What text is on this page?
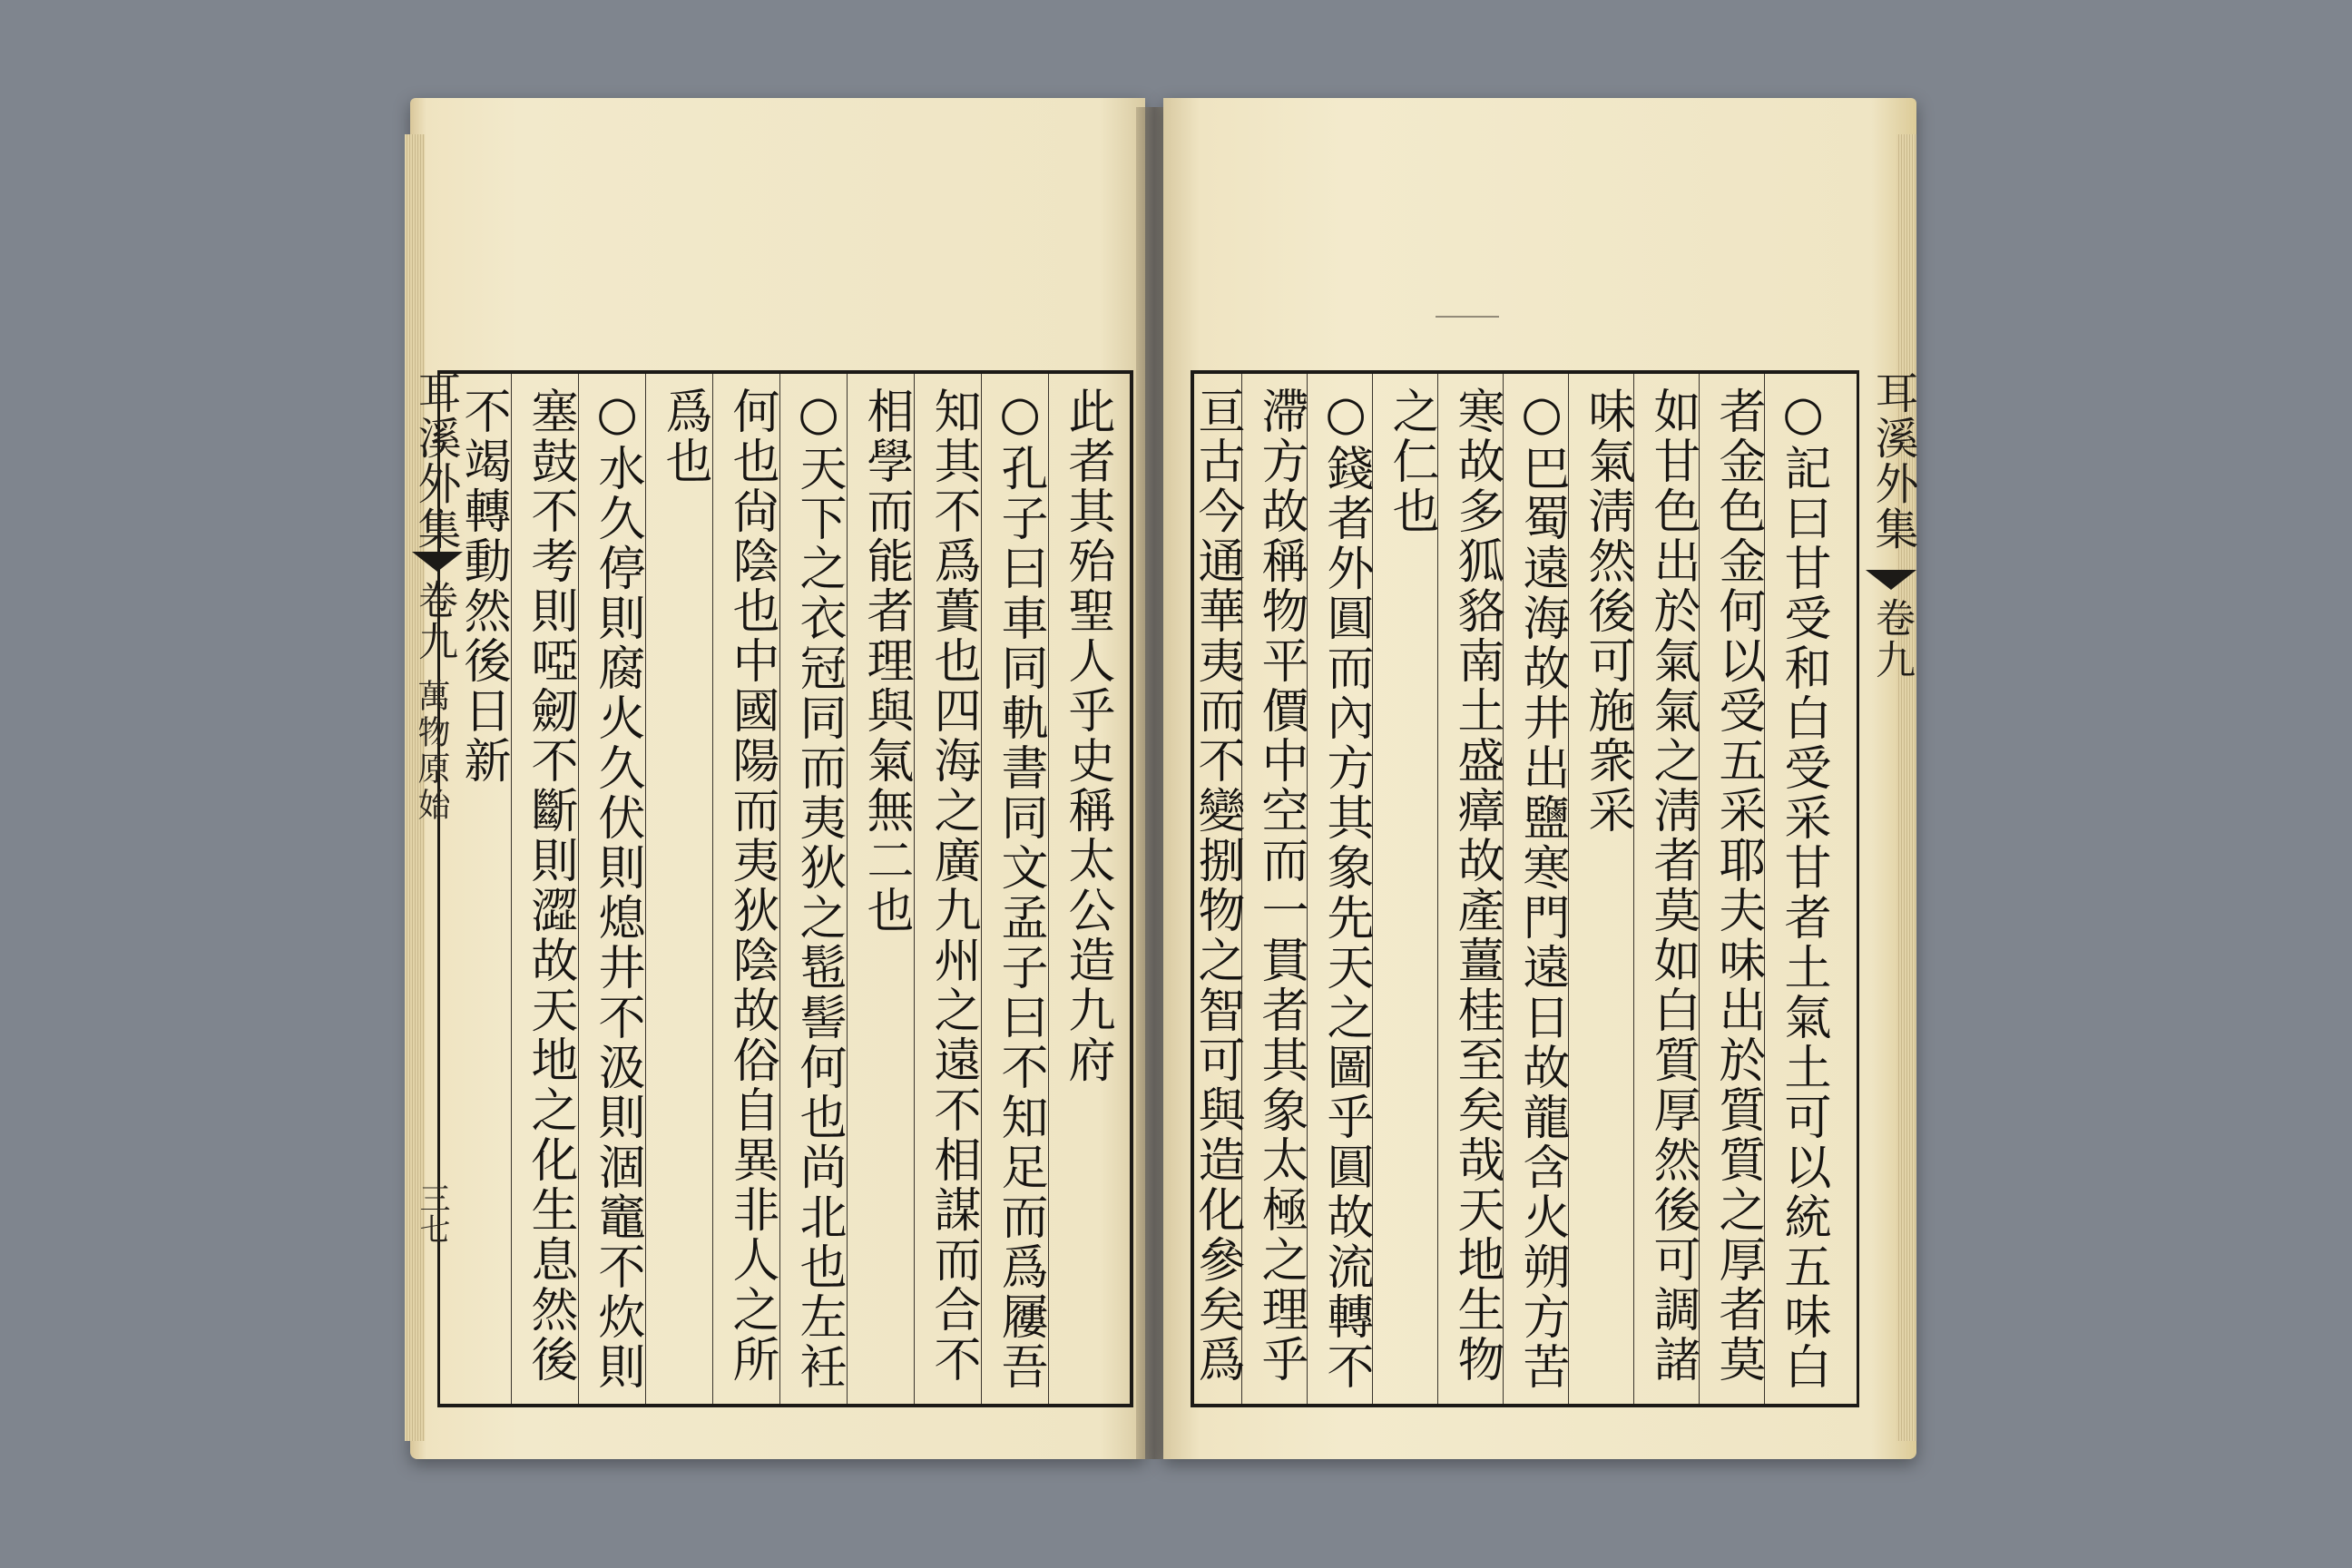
此者其殆聖人乎史稱太公造九府
○孔子曰車同軌書同文孟子曰不知足而爲屨吾
知其不爲蕢也四海之廣九州之遠不相謀而合不
相學而能者理與氣無二也
○天下之衣冠同而夷狄之髢髻何也尚北也左衽
何也尙陰也中國陽而夷狄陰故俗自異非人之所
爲也
○水久停則腐火久伏則熄井不汲則涸竈不炊則
塞鼓不考則啞劒不斷則澀故天地之化生息然後
不竭轉動然後日新
耳溪外集
卷九
萬物原始
三七	○記曰甘受和白受采甘者土氣土可以統五味白
者金色金何以受五采耶夫味出於質質之厚者莫
如甘色出於氣氣之淸者莫如白質厚然後可調諸
味氣淸然後可施衆采
○巴蜀遠海故井出鹽寒門遠日故龍含火朔方苦
寒故多狐貉南土盛瘴故產薑桂至矣哉天地生物
之仁也
○錢者外圓而內方其象先天之圖乎圓故流轉不
滯方故稱物平價中空而一貫者其象太極之理乎
亘古今通華夷而不變捌物之智可與造化參矣爲	耳溪外集
卷九
